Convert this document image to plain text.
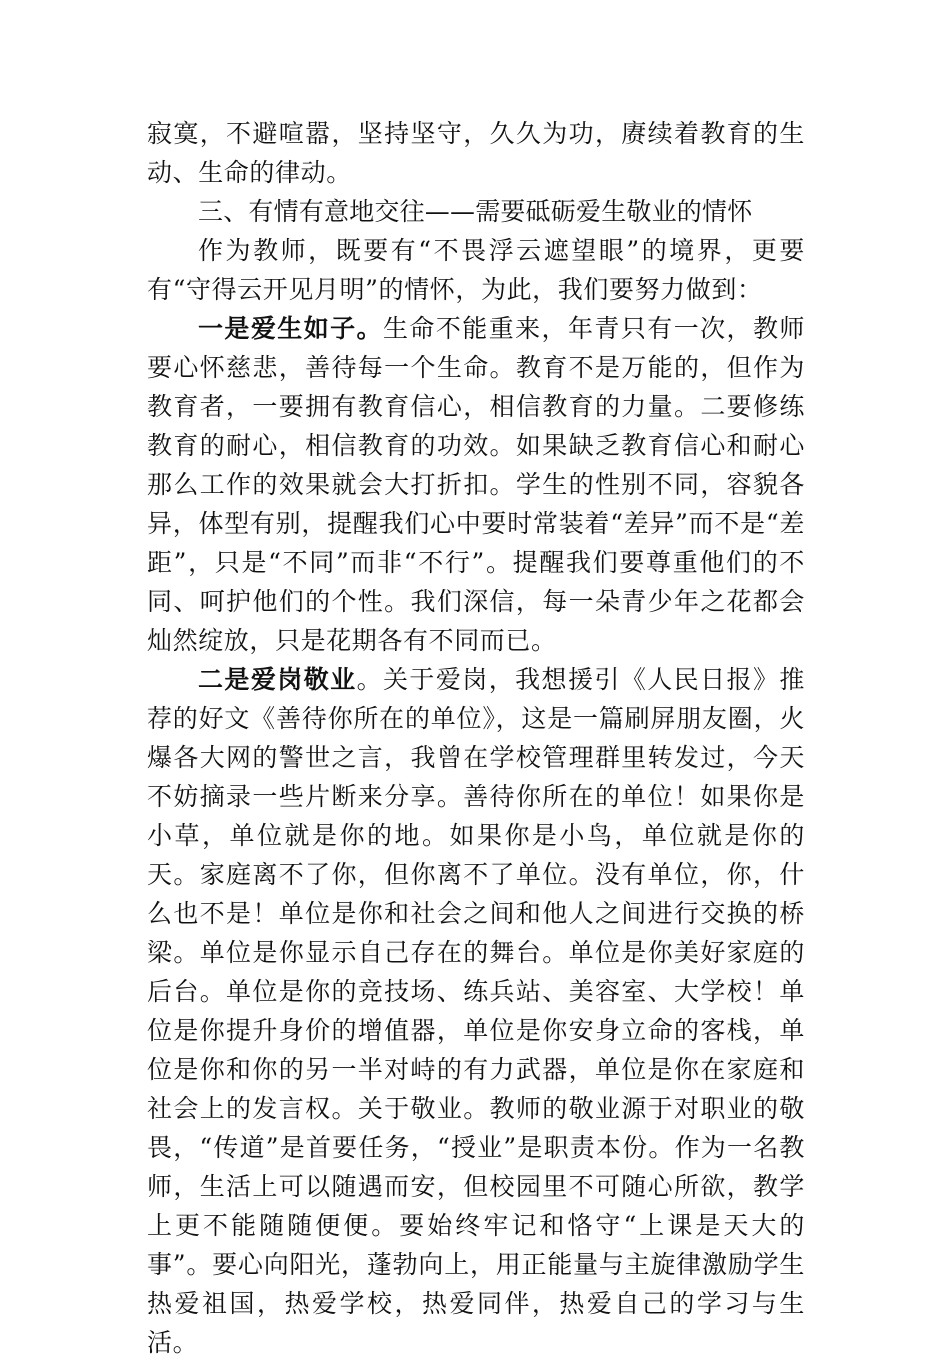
寂寞，不避喧嚣，坚持坚守，久久为功，赓续着教育的生动、生命的律动。

三、有情有意地交往——需要砥砺爱生敬业的情怀

作为教师，既要有“不畏浮云遮望眼”的境界，更要有“守得云开见月明”的情怀，为此，我们要努力做到：

一是爱生如子。生命不能重来，年青只有一次，教师要心怀慈悲，善待每一个生命。教育不是万能的，但作为教育者，一要拥有教育信心，相信教育的力量。二要修练教育的耐心，相信教育的功效。如果缺乏教育信心和耐心那么工作的效果就会大打折扣。学生的性别不同，容貌各异，体型有别，提醒我们心中要时常装着“差异”而不是“差距”，只是“不同”而非“不行”。提醒我们要尊重他们的不同、呵护他们的个性。我们深信，每一朵青少年之花都会灿然绽放，只是花期各有不同而已。

二是爱岗敬业。关于爱岗，我想援引《人民日报》推荐的好文《善待你所在的单位》，这是一篇刷屏朋友圈，火爆各大网的警世之言，我曾在学校管理群里转发过，今天不妨摘录一些片断来分享。善待你所在的单位！如果你是小草，单位就是你的地。如果你是小鸟，单位就是你的天。家庭离不了你，但你离不了单位。没有单位，你，什么也不是！单位是你和社会之间和他人之间进行交换的桥梁。单位是你显示自己存在的舞台。单位是你美好家庭的后台。单位是你的竞技场、练兵站、美容室、大学校！单位是你提升身价的增值器，单位是你安身立命的客栈，单位是你和你的另一半对峙的有力武器，单位是你在家庭和社会上的发言权。关于敬业。教师的敬业源于对职业的敬畏，“传道”是首要任务，“授业”是职责本份。作为一名教师，生活上可以随遇而安，但校园里不可随心所欲，教学上更不能随随便便。要始终牢记和恪守“上课是天大的事”。要心向阳光，蓬勃向上，用正能量与主旋律激励学生热爱祖国，热爱学校，热爱同伴，热爱自己的学习与生活。
